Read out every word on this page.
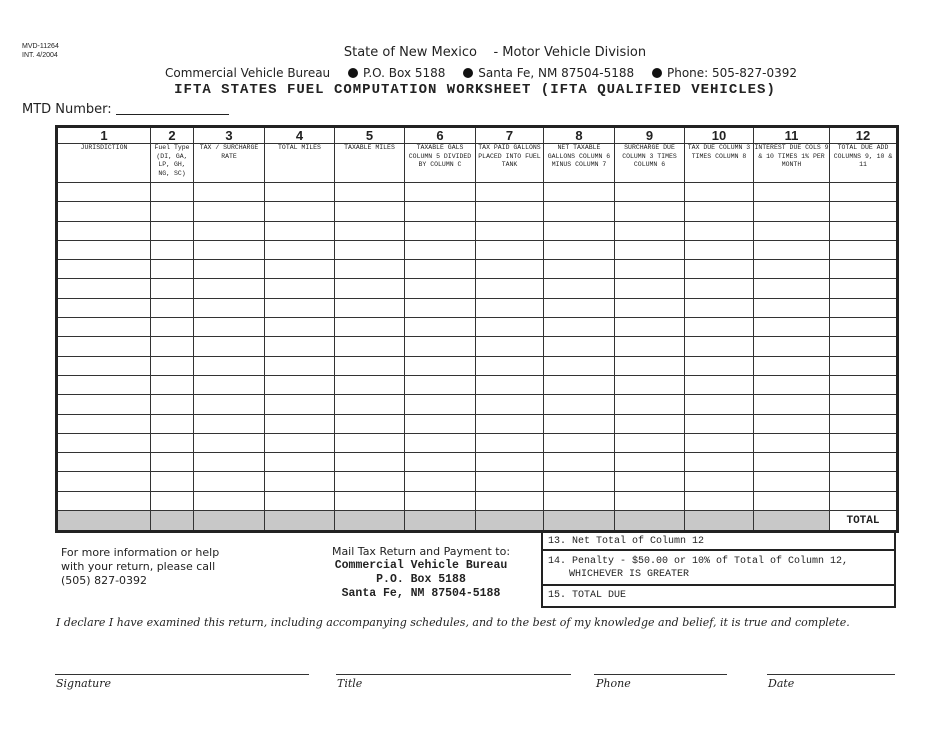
MVD-11264
INT. 4/2004	State of New Mexico    - Motor Vehicle Division
Commercial Vehicle Bureau	P.O. Box 5188	Santa Fe, NM 87504-5188	Phone: 505-827-0392
IFTA STATES FUEL COMPUTATION WORKSHEET (IFTA QUALIFIED VEHICLES)
MTD Number:
1	2	3	4	5	6	7	8	9	10	11	12
JURISDICTION	Fuel Type (DI, GA, LP, GH, NG, SC)	TAX / SURCHARGE RATE	TOTAL MILES	TAXABLE MILES	TAXABLE GALS COLUMN 5 DIVIDED BY COLUMN C	TAX PAID GALLONS PLACED INTO FUEL TANK	NET TAXABLE GALLONS COLUMN 6 MINUS COLUMN 7	SURCHARGE DUE COLUMN 3 TIMES COLUMN 6	TAX DUE COLUMN 3 TIMES COLUMN 8	INTEREST DUE COLS 9 & 10 TIMES 1% PER MONTH	TOTAL DUE ADD COLUMNS 9, 10 & 11

											TOTAL
13. Net Total of Column 12
14. Penalty - $50.00 or 10% of Total of Column 12,
WHICHEVER IS GREATER
15. TOTAL DUE
For more information or help
with your return, please call
(505) 827-0392
Mail Tax Return and Payment to:
Commercial Vehicle Bureau
P.O. Box 5188
Santa Fe, NM 87504-5188
I declare I have examined this return, including accompanying schedules, and to the best of my knowledge and belief, it is true and complete.
Signature	Title	Phone	Date
